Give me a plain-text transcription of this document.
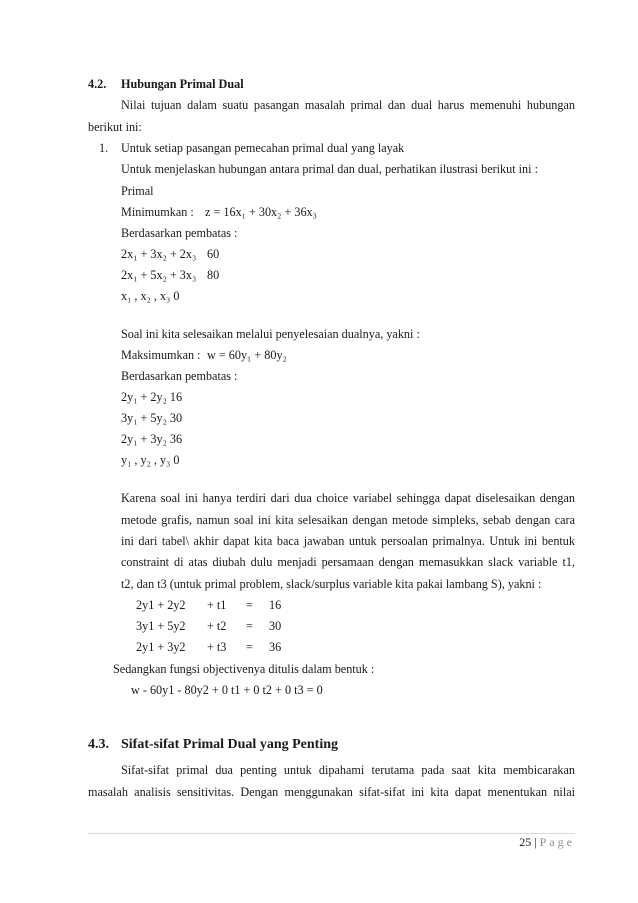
4.2. Hubungan Primal Dual
Nilai tujuan dalam suatu pasangan masalah primal dan dual harus memenuhi hubungan
berikut ini:
1. Untuk setiap pasangan pemecahan primal dual yang layak
Untuk menjelaskan hubungan antara primal dan dual, perhatikan ilustrasi berikut ini :
Primal
Minimumkan : z = 16x₁ + 30x₂ + 36x₃
Berdasarkan pembatas :
2x₁ + 3x₂ + 2x₃ 60
2x₁ + 5x₂ + 3x₃ 80
x₁ , x₂ , x₃ 0
Soal ini kita selesaikan melalui penyelesaian dualnya, yakni :
Maksimumkan : w = 60y₁ + 80y₂
Berdasarkan pembatas :
2y₁ + 2y₂ 16
3y₁ + 5y₂ 30
2y₁ + 3y₂ 36
y₁ , y₂ , y₃ 0
Karena soal ini hanya terdiri dari dua choice variabel sehingga dapat diselesaikan dengan
metode grafis, namun soal ini kita selesaikan dengan metode simpleks, sebab dengan cara
ini dari tabel\ akhir dapat kita baca jawaban untuk persoalan primalnya. Untuk ini bentuk
constraint di atas diubah dulu menjadi persamaan dengan memasukkan slack variable t1,
t2, dan t3 (untuk primal problem, slack/surplus variable kita pakai lambang S), yakni :
2y1 + 2y2 + t1 = 16
3y1 + 5y2 + t2 = 30
2y1 + 3y2 + t3 = 36
Sedangkan fungsi objectivenya ditulis dalam bentuk :
w - 60y1 - 80y2 + 0 t1 + 0 t2 + 0 t3 = 0
4.3. Sifat-sifat Primal Dual yang Penting
Sifat-sifat primal dua penting untuk dipahami terutama pada saat kita membicarakan
masalah analisis sensitivitas. Dengan menggunakan sifat-sifat ini kita dapat menentukan nilai
25 | Page
